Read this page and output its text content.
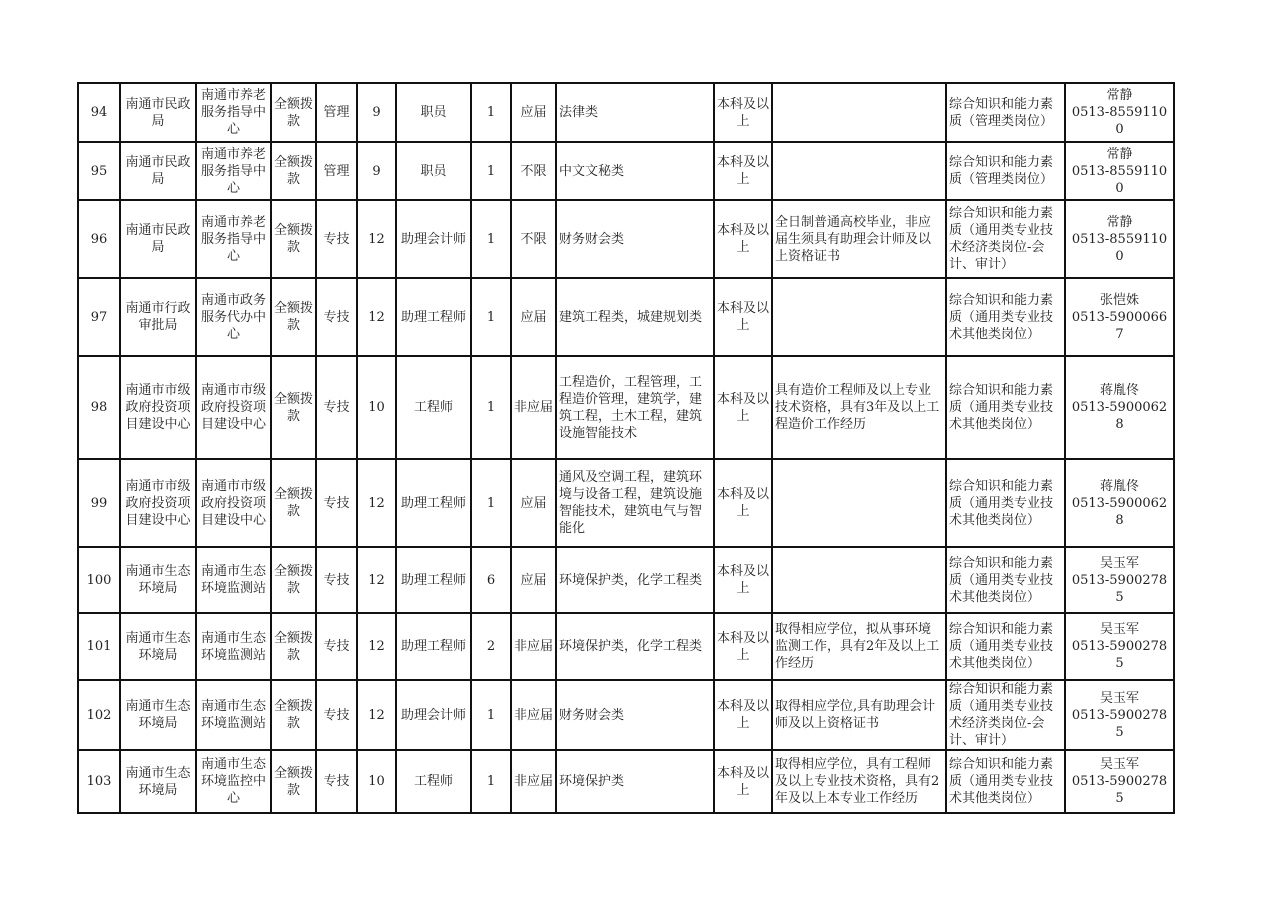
94	南通市民政局	南通市养老服务指导中心	全额拨款	管理	9	职员	1	应届	法律类	本科及以上		综合知识和能力素质（管理类岗位）	常静
0513-85591100

95	南通市民政局	南通市养老服务指导中心	全额拨款	管理	9	职员	1	不限	中文文秘类	本科及以上		综合知识和能力素质（管理类岗位）	常静
0513-85591100

96	南通市民政局	南通市养老服务指导中心	全额拨款	专技	12	助理会计师	1	不限	财务财会类	本科及以上	全日制普通高校毕业，非应届生须具有助理会计师及以上资格证书	综合知识和能力素质（通用类专业技术经济类岗位-会计、审计）	常静
0513-85591100

97	南通市行政审批局	南通市政务服务代办中心	全额拨款	专技	12	助理工程师	1	应届	建筑工程类，城建规划类	本科及以上		综合知识和能力素质（通用类专业技术其他类岗位）	张恺姝
0513-59000667

98	南通市市级政府投资项目建设中心	南通市市级政府投资项目建设中心	全额拨款	专技	10	工程师	1	非应届	工程造价，工程管理，工程造价管理，建筑学，建筑工程，土木工程，建筑设施智能技术	本科及以上	具有造价工程师及以上专业技术资格，具有3年及以上工程造价工作经历	综合知识和能力素质（通用类专业技术其他类岗位）	蒋胤佟
0513-59000628

99	南通市市级政府投资项目建设中心	南通市市级政府投资项目建设中心	全额拨款	专技	12	助理工程师	1	应届	通风及空调工程，建筑环境与设备工程，建筑设施智能技术，建筑电气与智能化	本科及以上		综合知识和能力素质（通用类专业技术其他类岗位）	蒋胤佟
0513-59000628

100	南通市生态环境局	南通市生态环境监测站	全额拨款	专技	12	助理工程师	6	应届	环境保护类，化学工程类	本科及以上		综合知识和能力素质（通用类专业技术其他类岗位）	吴玉军
0513-59002785

101	南通市生态环境局	南通市生态环境监测站	全额拨款	专技	12	助理工程师	2	非应届	环境保护类，化学工程类	本科及以上	取得相应学位，拟从事环境监测工作，具有2年及以上工作经历	综合知识和能力素质（通用类专业技术其他类岗位）	吴玉军
0513-59002785

102	南通市生态环境局	南通市生态环境监测站	全额拨款	专技	12	助理会计师	1	非应届	财务财会类	本科及以上	取得相应学位,具有助理会计师及以上资格证书	综合知识和能力素质（通用类专业技术经济类岗位-会计、审计）	吴玉军
0513-59002785

103	南通市生态环境局	南通市生态环境监控中心	全额拨款	专技	10	工程师	1	非应届	环境保护类	本科及以上	取得相应学位，具有工程师及以上专业技术资格，具有2年及以上本专业工作经历	综合知识和能力素质（通用类专业技术其他类岗位）	吴玉军
0513-59002785
